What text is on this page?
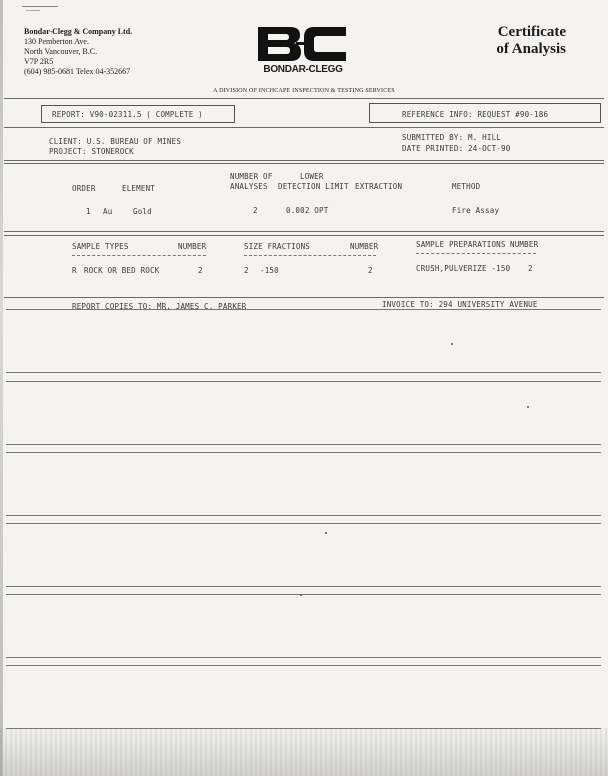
Bondar-Clegg & Company Ltd.
130 Pemberton Ave.
North Vancouver, B.C.
V7P 2R5
(604) 985-0681 Telex 04-352667	BONDAR-CLEGG
Certificate
of Analysis
A DIVISION OF INCHCAPE INSPECTION & TESTING SERVICES
REPORT: V90-02311.5 ( COMPLETE )	REFERENCE INFO: REQUEST #90-186
CLIENT: U.S. BUREAU OF MINES
PROJECT: STONEROCK
SUBMITTED BY: M. HILL
DATE PRINTED: 24-OCT-90
NUMBER OF	LOWER
ORDER	ELEMENT	ANALYSES DETECTION LIMIT EXTRACTION	METHOD
1 Au	Gold	2	0.002 OPT	Fire Assay
SAMPLE TYPES	NUMBER	SIZE FRACTIONS	NUMBER	SAMPLE PREPARATIONS NUMBER
R ROCK OR BED ROCK	2	2 -150	2	CRUSH,PULVERIZE -150 2
REPORT COPIES TO: MR. JAMES C. PARKER	INVOICE TO: 294 UNIVERSITY AVENUE
